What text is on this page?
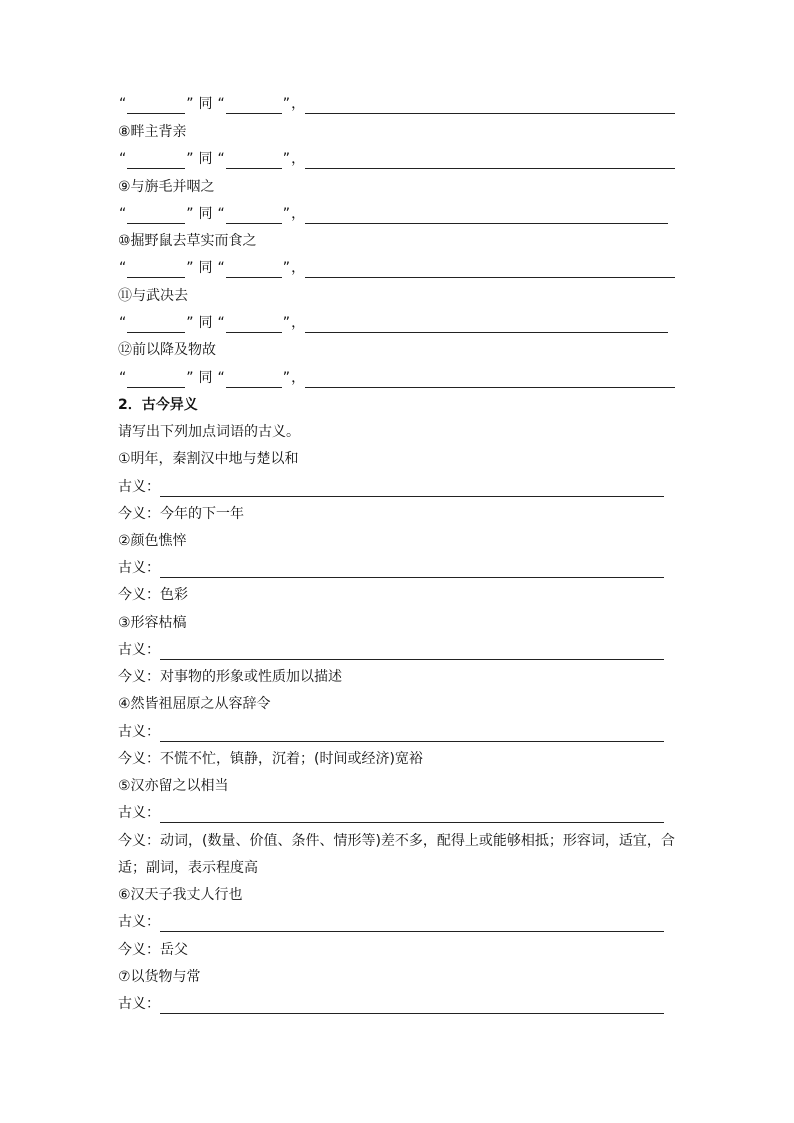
“	” 同 “	” ，
⑧畔主背亲
“	” 同 “	” ，
⑨与旃毛并咽之
“	” 同 “	” ，
⑩掘野鼠去草实而食之
“	” 同 “	” ，
⑪与武决去
“	” 同 “	” ，
⑫前以降及物故
“	” 同 “	” ，
2．古今异义
请写出下列加点词语的古义。
①明年，秦割汉中地与楚以和
古义：
今义： 今年的下一年
②颜色憔悴
古义：
今义： 色彩
③形容枯槁
古义：
今义： 对事物的形象或性质加以描述
④然皆祖屈原之从容辞令
古义：
今义： 不慌不忙，镇静，沉着；(时间或经济)宽裕
⑤汉亦留之以相当
古义：
今义： 动词，(数量、价值、条件、情形等)差不多，配得上或能够相抵；形容词，适宜，合
适；副词，表示程度高
⑥汉天子我丈人行也
古义：
今义： 岳父
⑦以货物与常
古义：
